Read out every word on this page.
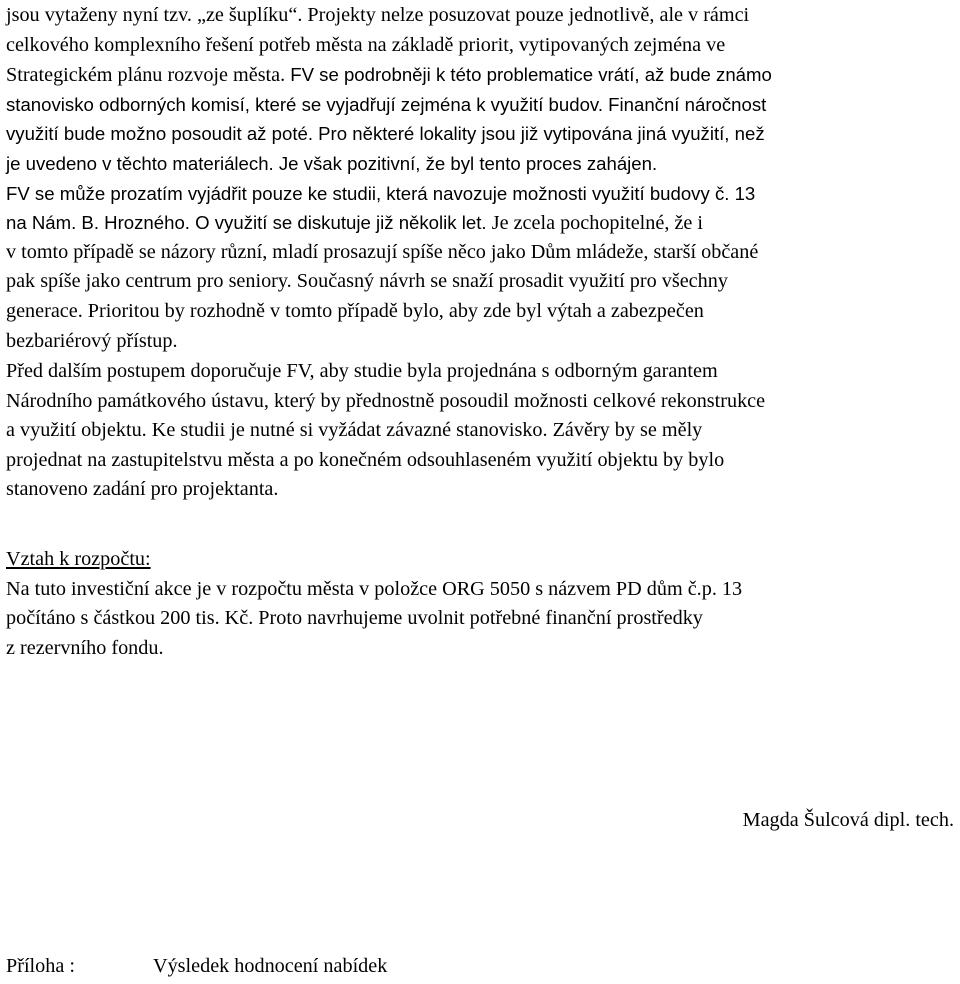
jsou vytaženy nyní tzv. „ze šuplíku“. Projekty nelze posuzovat pouze jednotlivě, ale v rámci
celkového komplexního řešení potřeb města na základě priorit, vytipovaných zejména ve
Strategickém plánu rozvoje města. FV se podrobněji k této problematice vrátí, až bude známo
stanovisko odborných komisí, které se vyjadřují zejména k využití budov. Finanční náročnost
využití bude možno posoudit až poté. Pro některé lokality jsou již vytipována jiná využití, než
je uvedeno v těchto materiálech. Je však pozitivní, že byl tento proces zahájen.
FV se může prozatím vyjádřit pouze ke studii, která navozuje možnosti využití budovy č. 13
na Nám. B. Hrozného. O využití se diskutuje již několik let. Je zcela pochopitelné, že i
v tomto případě se názory různí, mladí prosazují spíše něco jako Dům mládeže, starší občané
pak spíše jako centrum pro seniory. Současný návrh se snaží prosadit využití pro všechny
generace. Prioritou by rozhodně v tomto případě bylo, aby zde byl výtah a zabezpečen
bezbariérový přístup.
Před dalším postupem doporučuje FV, aby studie byla projednána s odborným garantem
Národního památkového ústavu, který by přednostně posoudil možnosti celkové rekonstrukce
a využití objektu. Ke studii je nutné si vyžádat závazné stanovisko. Závěry by se měly
projednat na zastupitelstvu města a po konečném odsouhlaseném využití objektu by bylo
stanoveno zadání pro projektanta.
Vztah k rozpočtu:
Na tuto investiční akce je v rozpočtu města v položce ORG 5050 s názvem PD dům č.p. 13
počítáno s částkou 200 tis. Kč. Proto navrhujeme uvolnit potřebné finanční prostředky
z rezervního fondu.
Magda Šulcová dipl. tech.
Příloha :	Výsledek hodnocení nabídek
